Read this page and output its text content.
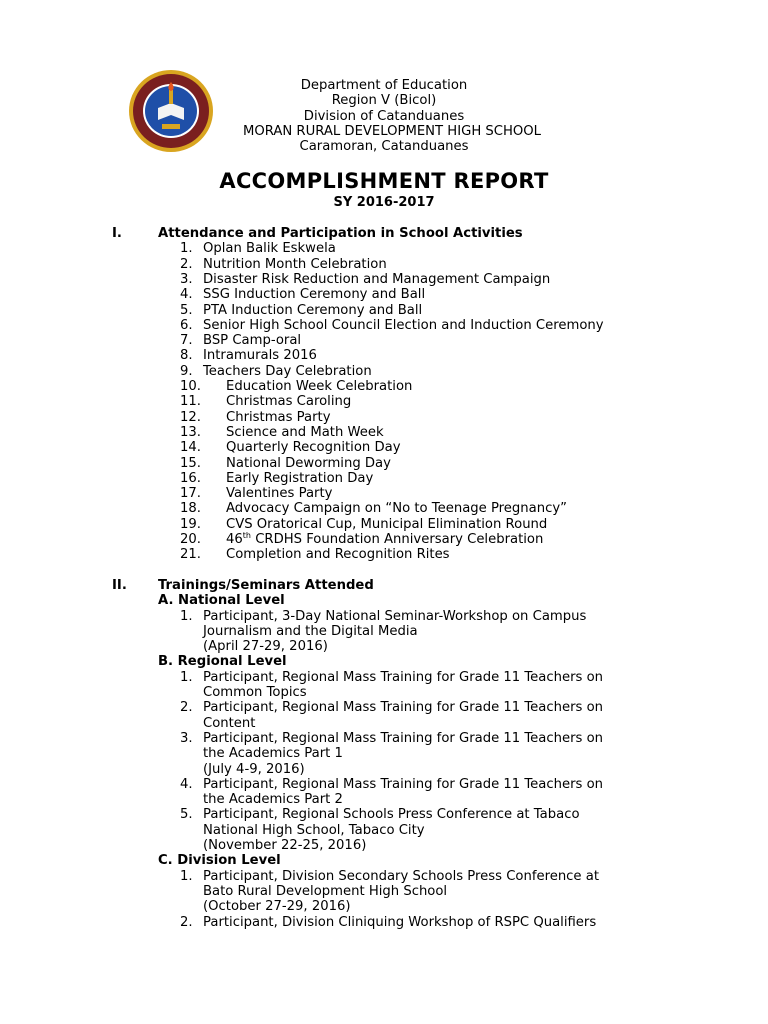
Department of Education
Region V (Bicol)
Division of Catanduanes
MORAN RURAL DEVELOPMENT HIGH SCHOOL
Caramoran, Catanduanes
ACCOMPLISHMENT REPORT
SY 2016-2017
I.	Attendance and Participation in School Activities
1. Oplan Balik Eskwela
2. Nutrition Month Celebration
3. Disaster Risk Reduction and Management Campaign
4. SSG Induction Ceremony and Ball
5. PTA Induction Ceremony and Ball
6. Senior High School Council Election and Induction Ceremony
7. BSP Camp-oral
8. Intramurals 2016
9. Teachers Day Celebration
10. Education Week Celebration
11. Christmas Caroling
12. Christmas Party
13. Science and Math Week
14. Quarterly Recognition Day
15. National Deworming Day
16. Early Registration Day
17. Valentines Party
18. Advocacy Campaign on “No to Teenage Pregnancy”
19. CVS Oratorical Cup, Municipal Elimination Round
20. 46th CRDHS Foundation Anniversary Celebration
21. Completion and Recognition Rites
II. Trainings/Seminars Attended
A. National Level
1. Participant, 3-Day National Seminar-Workshop on Campus
Journalism and the Digital Media
(April 27-29, 2016)
B. Regional Level
1. Participant, Regional Mass Training for Grade 11 Teachers on
Common Topics
2. Participant, Regional Mass Training for Grade 11 Teachers on
Content
3. Participant, Regional Mass Training for Grade 11 Teachers on
the Academics Part 1
(July 4-9, 2016)
4. Participant, Regional Mass Training for Grade 11 Teachers on
the Academics Part 2
5. Participant, Regional Schools Press Conference at Tabaco
National High School, Tabaco City
(November 22-25, 2016)
C. Division Level
1. Participant, Division Secondary Schools Press Conference at
Bato Rural Development High School
(October 27-29, 2016)
2. Participant, Division Cliniquing Workshop of RSPC Qualifiers
